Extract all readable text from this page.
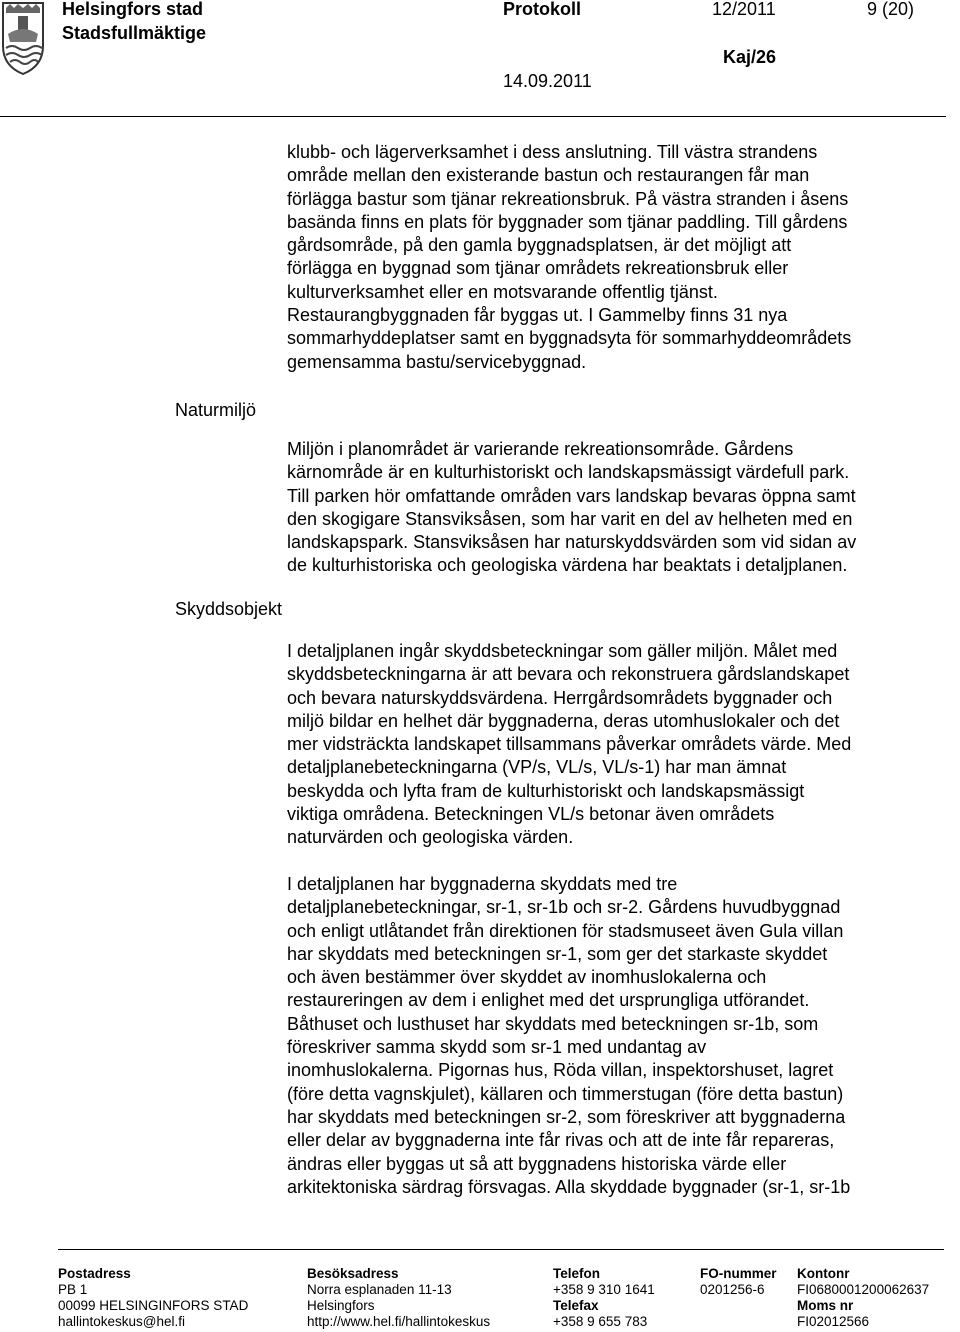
Helsingfors stad
Stadsfullmäktige
Protokoll	12/2011	9 (20)
Kaj/26
14.09.2011
Naturmiljö
Skyddsobjekt

klubb- och lägerverksamhet i dess anslutning. Till västra strandens

område mellan den existerande bastun och restaurangen får man

förlägga bastur som tjänar rekreationsbruk. På västra stranden i åsens

basända finns en plats för byggnader som tjänar paddling. Till gårdens

gårdsområde, på den gamla byggnadsplatsen, är det möjligt att

förlägga en byggnad som tjänar områdets rekreationsbruk eller

kulturverksamhet eller en motsvarande offentlig tjänst.

Restaurangbyggnaden får byggas ut. I Gammelby finns 31 nya

sommarhyddeplatser samt en byggnadsyta för sommarhyddeområdets

gemensamma bastu/servicebyggnad.

Miljön i planområdet är varierande rekreationsområde. Gårdens

kärnområde är en kulturhistoriskt och landskapsmässigt värdefull park.

Till parken hör omfattande områden vars landskap bevaras öppna samt

den skogigare Stansviksåsen, som har varit en del av helheten med en

landskapspark. Stansviksåsen har naturskyddsvärden som vid sidan av

de kulturhistoriska och geologiska värdena har beaktats i detaljplanen.

I detaljplanen ingår skyddsbeteckningar som gäller miljön. Målet med

skyddsbeteckningarna är att bevara och rekonstruera gårdslandskapet

och bevara naturskyddsvärdena. Herrgårdsområdets byggnader och

miljö bildar en helhet där byggnaderna, deras utomhuslokaler och det

mer vidsträckta landskapet tillsammans påverkar områdets värde. Med

detaljplanebeteckningarna (VP/s, VL/s, VL/s-1) har man ämnat

beskydda och lyfta fram de kulturhistoriskt och landskapsmässigt

viktiga områdena. Beteckningen VL/s betonar även områdets

naturvärden och geologiska värden.

I detaljplanen har byggnaderna skyddats med tre

detaljplanebeteckningar, sr-1, sr-1b och sr-2. Gårdens huvudbyggnad

och enligt utlåtandet från direktionen för stadsmuseet även Gula villan

har skyddats med beteckningen sr-1, som ger det starkaste skyddet

och även bestämmer över skyddet av inomhuslokalerna och

restaureringen av dem i enlighet med det ursprungliga utförandet.

Båthuset och lusthuset har skyddats med beteckningen sr-1b, som

föreskriver samma skydd som sr-1 med undantag av

inomhuslokalerna. Pigornas hus, Röda villan, inspektorshuset, lagret

(före detta vagnskjulet), källaren och timmerstugan (före detta bastun)

har skyddats med beteckningen sr-2, som föreskriver att byggnaderna

eller delar av byggnaderna inte får rivas och att de inte får repareras,

ändras eller byggas ut så att byggnadens historiska värde eller

arkitektoniska särdrag försvagas. Alla skyddade byggnader (sr-1, sr-1b

Postadress
PB 1
00099 HELSINGINFORS STAD
hallintokeskus@hel.fi
Besöksadress
Norra esplanaden 11-13
Helsingfors
http://www.hel.fi/hallintokeskus
Telefon
+358 9 310 1641
Telefax
+358 9 655 783
FO-nummer
0201256-6
Kontonr
FI0680001200062637
Moms nr
FI02012566
